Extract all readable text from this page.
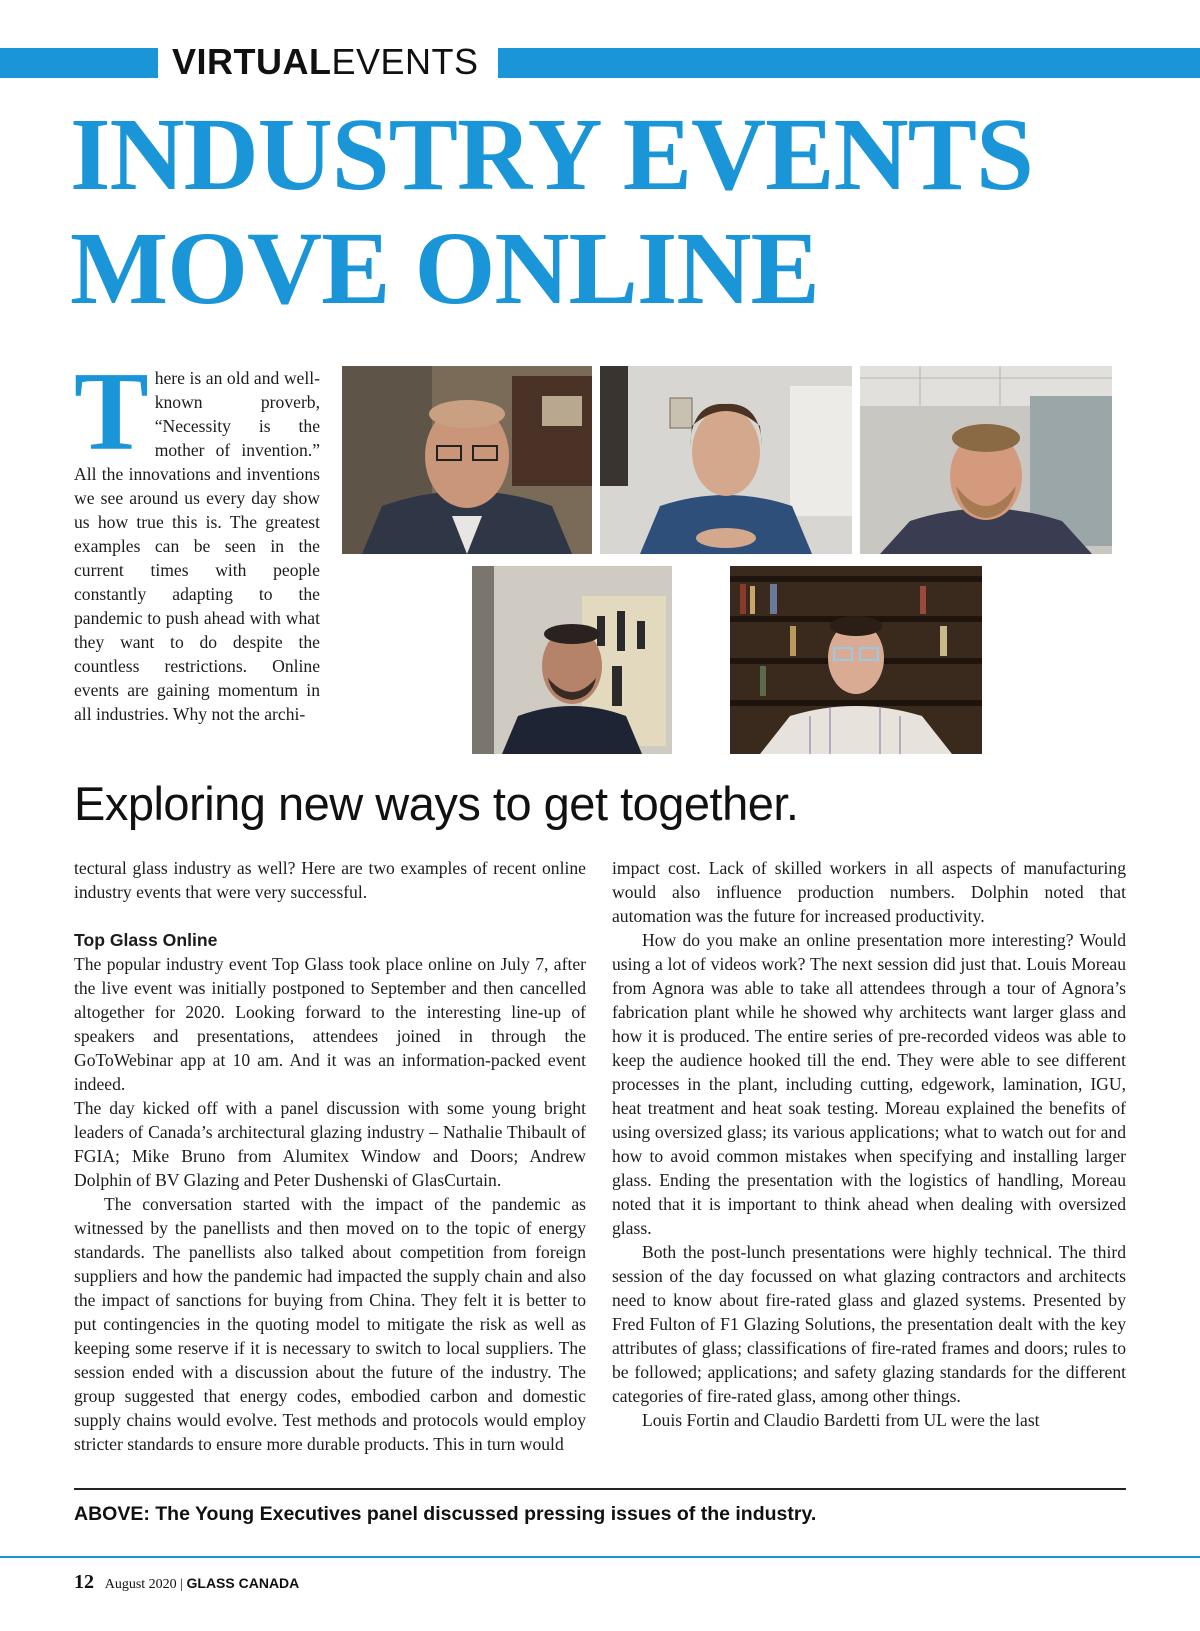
VIRTUALEVENTS
INDUSTRY EVENTS
MOVE ONLINE
There is an old and well-known proverb, “Necessity is the mother of invention.” All the innovations and inventions we see around us every day show us how true this is. The greatest examples can be seen in the current times with people constantly adapting to the pandemic to push ahead with what they want to do despite the countless restrictions. Online events are gaining momentum in all industries. Why not the archi-
Exploring new ways to get together.

tectural glass industry as well? Here are two examples of recent online industry events that were very successful.

Top Glass Online

The popular industry event Top Glass took place online on July 7, after the live event was initially postponed to September and then cancelled altogether for 2020. Looking forward to the interesting line-up of speakers and presentations, attendees joined in through the GoToWebinar app at 10 am. And it was an information-packed event indeed.

The day kicked off with a panel discussion with some young bright leaders of Canada’s architectural glazing industry – Nathalie Thibault of FGIA; Mike Bruno from Alumitex Window and Doors; Andrew Dolphin of BV Glazing and Peter Dushenski of GlasCurtain.

The conversation started with the impact of the pandemic as witnessed by the panellists and then moved on to the topic of energy standards. The panellists also talked about competition from foreign suppliers and how the pandemic had impacted the supply chain and also the impact of sanctions for buying from China. They felt it is better to put contingencies in the quoting model to mitigate the risk as well as keeping some reserve if it is necessary to switch to local suppliers. The session ended with a discussion about the future of the industry. The group suggested that energy codes, embodied carbon and domestic supply chains would evolve. Test methods and protocols would employ stricter standards to ensure more durable products. This in turn would

impact cost. Lack of skilled workers in all aspects of manufacturing would also influence production numbers. Dolphin noted that automation was the future for increased productivity.

How do you make an online presentation more interesting? Would using a lot of videos work? The next session did just that. Louis Moreau from Agnora was able to take all attendees through a tour of Agnora’s fabrication plant while he showed why architects want larger glass and how it is produced. The entire series of pre-recorded videos was able to keep the audience hooked till the end. They were able to see different processes in the plant, including cutting, edgework, lamination, IGU, heat treatment and heat soak testing. Moreau explained the benefits of using oversized glass; its various applications; what to watch out for and how to avoid common mistakes when specifying and installing larger glass. Ending the presentation with the logistics of handling, Moreau noted that it is important to think ahead when dealing with oversized glass.

Both the post-lunch presentations were highly technical. The third session of the day focussed on what glazing contractors and architects need to know about fire-rated glass and glazed systems. Presented by Fred Fulton of F1 Glazing Solutions, the presentation dealt with the key attributes of glass; classifications of fire-rated frames and doors; rules to be followed; applications; and safety glazing standards for the different categories of fire-rated glass, among other things.

Louis Fortin and Claudio Bardetti from UL were the last

ABOVE: The Young Executives panel discussed pressing issues of the industry.
12 August 2020 | GLASS CANADA
